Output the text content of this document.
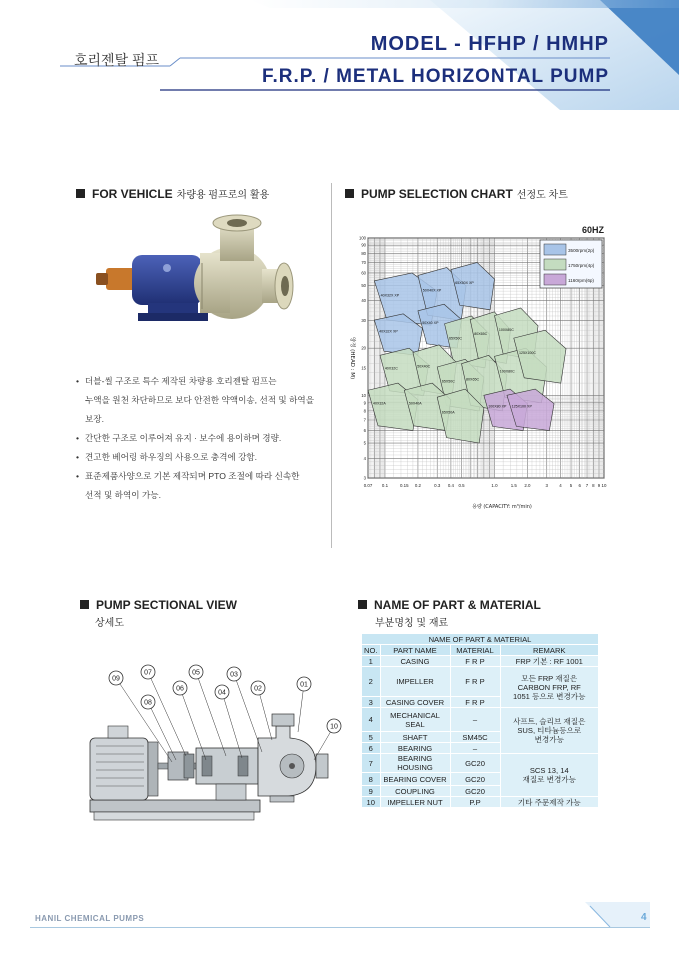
호리젠탈 펌프
MODEL - HFHP / HMHP
F.R.P. / METAL HORIZONTAL PUMP
FOR VEHICLE 차량용 펌프로의 활용
• 더블-씰 구조로 특수 제작된 차량용 호리젠탈 펌프는
누액을 원천 차단하므로 보다 안전한 약액이송, 선적 및 하역을
보장.
• 간단한 구조로 이루어져 유지 · 보수에 용이하며 경량.
• 견고한 베어링 하우징의 사용으로 충격에 강함.
• 표준제품사양으로 기본 제작되며 PTO 조절에 따라 신속한
선적 및 하역이 가능.
PUMP SELECTION CHART 선정도 차트
40X32X XP
50X40X XP
65X50X XP
40X32X XP
50X40 XP
65X50C
80X65C
100X80C
40X32C	50X40C
65X50C
80X65C
100X80C
40X32A	50X40A
65X50A
125X100C
100X80 XP 125X100 XP
0.07 0.1	0.15 0.2	0.3 0.4 0.5	1.0	1.5 2.0	3	4 5 6 7 8 9 10
100
90
80
70
60
50
40
30
20
15
10
9
8
7
6
5
4
3
용량 (CAPACITY: m³/min)
양정 (HEAD : M)
60HZ
3500rpm(2p)
1750rpm(4p)
1160rpm(6p)
PUMP SECTIONAL VIEW
상세도
01
02
03
04
05
06
07
08
09
10
NAME OF PART & MATERIAL
부분명칭 및 재료
NAME OF PART & MATERIAL			
NO.	PART NAME	MATERIAL	REMARK
1	CASING	F R P	FRP 기본 : RF 1001
2	IMPELLER	F R P	모든 FRP 재질은
CARBON FRP, RF
1051 등으로 변경가능
3	CASING COVER	F R P	
4	MECHANICAL
SEAL	–	사프트, 슬리브 재질은
SUS, 티타늄등으로
변경가능
5	SHAFT	SM45C	
6	BEARING	–	
7	BEARING
HOUSING	GC20	SCS 13, 14
재질로 변경가능
8	BEARING COVER	GC20	
9	COUPLING	GC20	
10	IMPELLER NUT	P.P	기타 주문제작 가능
HANIL CHEMICAL PUMPS	4
